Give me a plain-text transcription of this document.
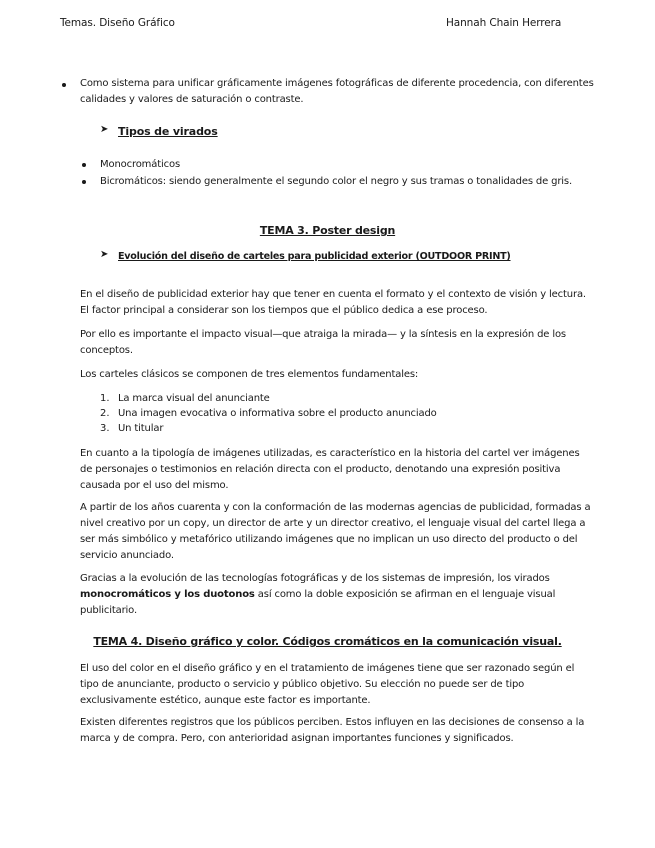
Temas. Diseño Gráfico	Hannah Chain Herrera
Como sistema para unificar gráficamente imágenes fotográficas de diferente procedencia, con diferentes calidades y valores de saturación o contraste.
➤ Tipos de virados
Monocromáticos
Bicromáticos: siendo generalmente el segundo color el negro y sus tramas o tonalidades de gris.
TEMA 3. Poster design
➤ Evolución del diseño de carteles para publicidad exterior (OUTDOOR PRINT)
En el diseño de publicidad exterior hay que tener en cuenta el formato y el contexto de visión y lectura. El factor principal a considerar son los tiempos que el público dedica a ese proceso.
Por ello es importante el impacto visual—que atraiga la mirada— y la síntesis en la expresión de los conceptos.
Los carteles clásicos se componen de tres elementos fundamentales:
1. La marca visual del anunciante
2. Una imagen evocativa o informativa sobre el producto anunciado
3. Un titular
En cuanto a la tipología de imágenes utilizadas, es característico en la historia del cartel ver imágenes de personajes o testimonios en relación directa con el producto, denotando una expresión positiva causada por el uso del mismo.
A partir de los años cuarenta y con la conformación de las modernas agencias de publicidad, formadas a nivel creativo por un copy, un director de arte y un director creativo, el lenguaje visual del cartel llega a ser más simbólico y metafórico utilizando imágenes que no implican un uso directo del producto o del servicio anunciado.
Gracias a la evolución de las tecnologías fotográficas y de los sistemas de impresión, los virados
monocromáticos y los duotonos así como la doble exposición se afirman en el lenguaje visual publicitario.
TEMA 4. Diseño gráfico y color. Códigos cromáticos en la comunicación visual.
El uso del color en el diseño gráfico y en el tratamiento de imágenes tiene que ser razonado según el tipo de anunciante, producto o servicio y público objetivo. Su elección no puede ser de tipo exclusivamente estético, aunque este factor es importante.
Existen diferentes registros que los públicos perciben. Estos influyen en las decisiones de consenso a la marca y de compra. Pero, con anterioridad asignan importantes funciones y significados.
